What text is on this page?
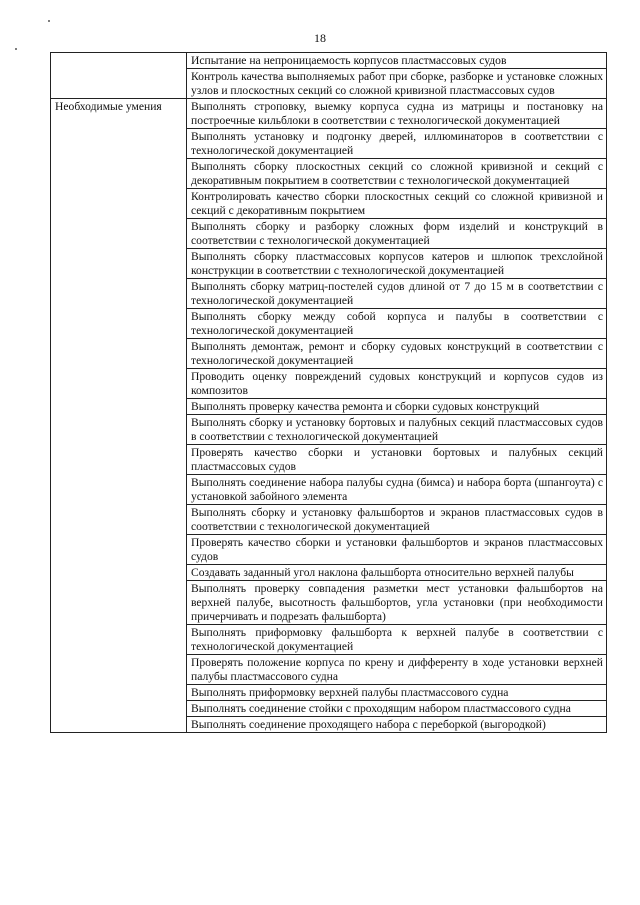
18
	Испытание на непроницаемость корпусов пластмассовых судов
	Контроль качества выполняемых работ при сборке, разборке и установке сложных узлов и плоскостных секций со сложной кривизной пластмассовых судов
Необходимые умения	Выполнять строповку, выемку корпуса судна из матрицы и постановку на построечные кильблоки в соответствии с технологической документацией
	Выполнять установку и подгонку дверей, иллюминаторов в соответствии с технологической документацией
	Выполнять сборку плоскостных секций со сложной кривизной и секций с декоративным покрытием в соответствии с технологической документацией
	Контролировать качество сборки плоскостных секций со сложной кривизной и секций с декоративным покрытием
	Выполнять сборку и разборку сложных форм изделий и конструкций в соответствии с технологической документацией
	Выполнять сборку пластмассовых корпусов катеров и шлюпок трехслойной конструкции в соответствии с технологической документацией
	Выполнять сборку матриц-постелей судов длиной от 7 до 15 м в соответствии с технологической документацией
	Выполнять сборку между собой корпуса и палубы в соответствии с технологической документацией
	Выполнять демонтаж, ремонт и сборку судовых конструкций в соответствии с технологической документацией
	Проводить оценку повреждений судовых конструкций и корпусов судов из композитов
	Выполнять проверку качества ремонта и сборки судовых конструкций
	Выполнять сборку и установку бортовых и палубных секций пластмассовых судов в соответствии с технологической документацией
	Проверять качество сборки и установки бортовых и палубных секций пластмассовых судов
	Выполнять соединение набора палубы судна (бимса) и набора борта (шпангоута) с установкой забойного элемента
	Выполнять сборку и установку фальшбортов и экранов пластмассовых судов в соответствии с технологической документацией
	Проверять качество сборки и установки фальшбортов и экранов пластмассовых судов
	Создавать заданный угол наклона фальшборта относительно верхней палубы
	Выполнять проверку совпадения разметки мест установки фальшбортов на верхней палубе, высотность фальшбортов, угла установки (при необходимости причерчивать и подрезать фальшборта)
	Выполнять приформовку фальшборта к верхней палубе в соответствии с технологической документацией
	Проверять положение корпуса по крену и дифференту в ходе установки верхней палубы пластмассового судна
	Выполнять приформовку верхней палубы пластмассового судна
	Выполнять соединение стойки с проходящим набором пластмассового судна
	Выполнять соединение проходящего набора с переборкой (выгородкой)
